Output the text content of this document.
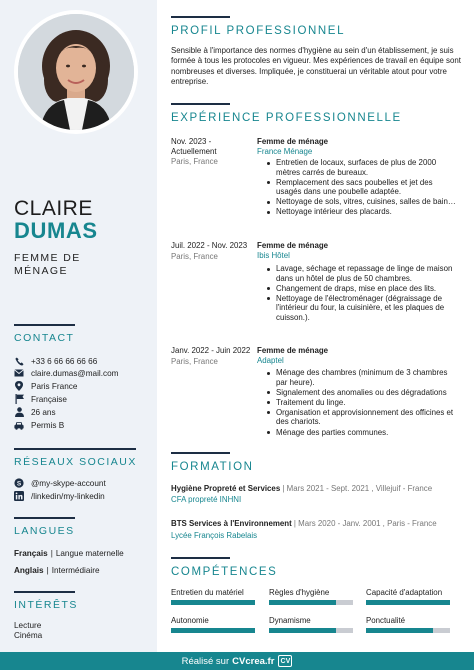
CLAIRE
DUMAS
FEMME DE MÉNAGE
CONTACT
+33 6 66 66 66 66
claire.dumas@mail.com
Paris France
Française
26 ans
Permis B
RÉSEAUX SOCIAUX
S @my-skype-account
/linkedin/my-linkedin
LANGUES
Français | Langue maternelle
Anglais | Intermédiaire
INTÉRÊTS
Lecture
Cinéma
PROFIL PROFESSIONNEL
Sensible à l'importance des normes d'hygiène au sein d'un établissement, je suis formée à tous les protocoles en vigueur. Mes expériences de travail en équipe sont nombreuses et diverses. Impliquée, je constituerai un véritable atout pour votre entreprise.
EXPÉRIENCE PROFESSIONNELLE
Nov. 2023 - Actuellement
Paris, France
Femme de ménage
France Ménage
Entretien de locaux, surfaces de plus de 2000 mètres carrés de bureaux.
Remplacement des sacs poubelles et jet des usagés dans une poubelle adaptée.
Nettoyage de sols, vitres, cuisines, salles de bain…
Nettoyage intérieur des placards.
Juil. 2022 - Nov. 2023
Paris, France
Femme de ménage
Ibis Hôtel
Lavage, séchage et repassage de linge de maison dans un hôtel de plus de 50 chambres.
Changement de draps, mise en place des lits.
Nettoyage de l'électroménager (dégraissage de l'intérieur du four, la cuisinière, et les plaques de cuisson.).
Janv. 2022 - Juin 2022
Paris, France
Femme de ménage
Adaptel
Ménage des chambres (minimum de 3 chambres par heure).
Signalement des anomalies ou des dégradations
Traitement du linge.
Organisation et approvisionnement des officines et des chariots.
Ménage des parties communes.
FORMATION
Hygiène Propreté et Services | Mars 2021 - Sept. 2021 , Villejuif - France
CFA propreté INHNI
BTS Services à l'Environnement | Mars 2020 - Janv. 2001 , Paris - France
Lycée François Rabelais
COMPÉTENCES
Entretien du matériel	Règles d'hygiène	Capacité d'adaptation
Autonomie	Dynamisme	Ponctualité
Réalisé sur CVcrea.fr CV
